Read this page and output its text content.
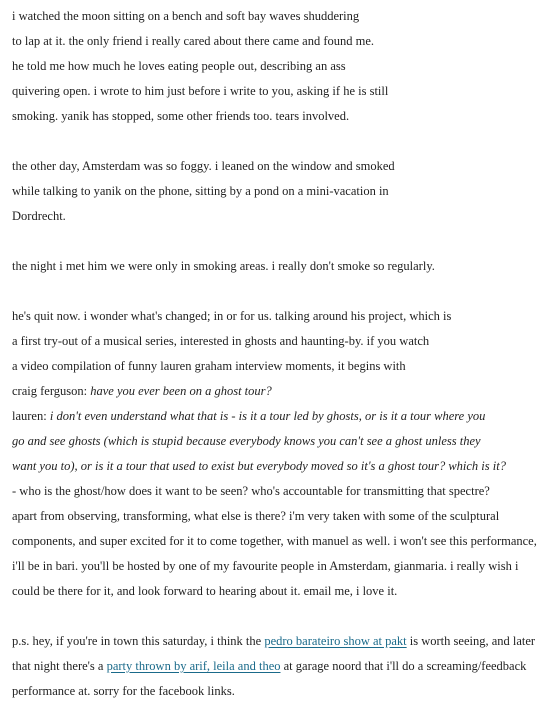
i watched the moon sitting on a bench and soft bay waves shuddering
to lap at it. the only friend i really cared about there came and found me.
he told me how much he loves eating people out, describing an ass
quivering open. i wrote to him just before i write to you, asking if he is still
smoking. yanik has stopped, some other friends too. tears involved.
the other day, Amsterdam was so foggy. i leaned on the window and smoked
while talking to yanik on the phone, sitting by a pond on a mini-vacation in
Dordrecht.
the night i met him we were only in smoking areas. i really don't smoke so regularly.
he's quit now. i wonder what's changed; in or for us. talking around his project, which is
a first try-out of a musical series, interested in ghosts and haunting-by. if you watch
a video compilation of funny lauren graham interview moments, it begins with
craig ferguson: have you ever been on a ghost tour?
lauren: i don't even understand what that is - is it a tour led by ghosts, or is it a tour where you
go and see ghosts (which is stupid because everybody knows you can't see a ghost unless they
want you to), or is it a tour that used to exist but everybody moved so it's a ghost tour? which is it?
- who is the ghost/how does it want to be seen? who's accountable for transmitting that spectre?
apart from observing, transforming, what else is there? i'm very taken with some of the sculptural
components, and super excited for it to come together, with manuel as well. i won't see this performance,
i'll be in bari. you'll be hosted by one of my favourite people in Amsterdam, gianmaria. i really wish i
could be there for it, and look forward to hearing about it. email me, i love it.
p.s. hey, if you're in town this saturday, i think the pedro barateiro show at pakt is worth seeing, and later
that night there's a party thrown by arif, leila and theo at garage noord that i'll do a screaming/feedback
performance at. sorry for the facebook links.
